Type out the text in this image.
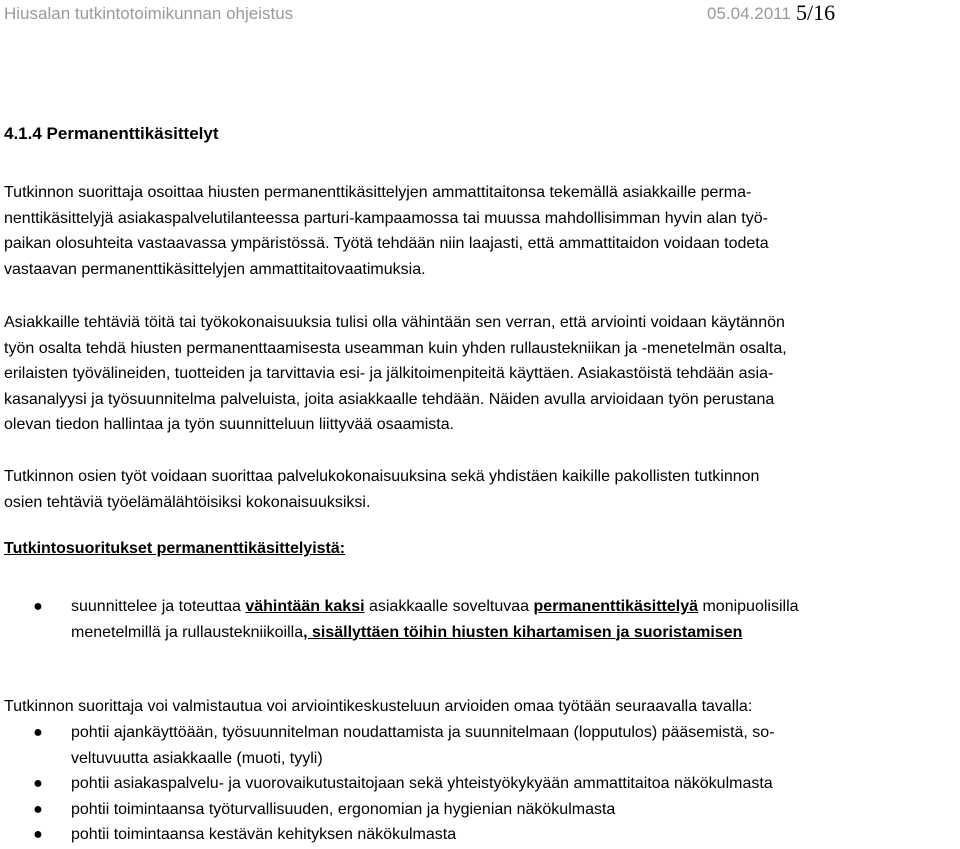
Hiusalan tutkintotoimikunnan ohjeistus	05.04.2011 5/16
4.1.4 Permanenttikäsittelyt
Tutkinnon suorittaja osoittaa hiusten permanenttikäsittelyjen ammattitaitonsa tekemällä asiakkaille perma-
nenttikäsittelyjä asiakaspalvelutilanteessa parturi-kampaamossa tai muussa mahdollisimman hyvin alan työ-
paikan olosuhteita vastaavassa ympäristössä. Työtä tehdään niin laajasti, että ammattitaidon voidaan todeta
vastaavan permanenttikäsittelyjen ammattitaitovaatimuksia.
Asiakkaille tehtäviä töitä tai työkokonaisuuksia tulisi olla vähintään sen verran, että arviointi voidaan käytännön
työn osalta tehdä hiusten permanenttaamisesta useamman kuin yhden rullaustekniikan ja -menetelmän osalta,
erilaisten työvälineiden, tuotteiden ja tarvittavia esi- ja jälkitoimenpiteitä käyttäen. Asiakastöistä tehdään asia-
kasanalyysi ja työsuunnitelma palveluista, joita asiakkaalle tehdään. Näiden avulla arvioidaan työn perustana
olevan tiedon hallintaa ja työn suunnitteluun liittyvää osaamista.
Tutkinnon osien työt voidaan suorittaa palvelukokonaisuuksina sekä yhdistäen kaikille pakollisten tutkinnon
osien tehtäviä työelämälähtöisiksi kokonaisuuksiksi.
Tutkintosuoritukset permanenttikäsittelyistä:
● suunnittelee ja toteuttaa vähintään kaksi asiakkaalle soveltuvaa permanenttikäsittelyä monipuolisilla
menetelmillä ja rullaustekniikoilla, sisällyttäen töihin hiusten kihartamisen ja suoristamisen
Tutkinnon suorittaja voi valmistautua voi arviointikeskusteluun arvioiden omaa työtään seuraavalla tavalla:
● pohtii ajankäyttöään, työsuunnitelman noudattamista ja suunnitelmaan (lopputulos) pääsemistä, so-
veltuvuutta asiakkaalle (muoti, tyyli)
● pohtii asiakaspalvelu- ja vuorovaikutustaitojaan sekä yhteistyökykyään ammattitaitoa näkökulmasta
● pohtii toimintaansa työturvallisuuden, ergonomian ja hygienian näkökulmasta
● pohtii toimintaansa kestävän kehityksen näkökulmasta
